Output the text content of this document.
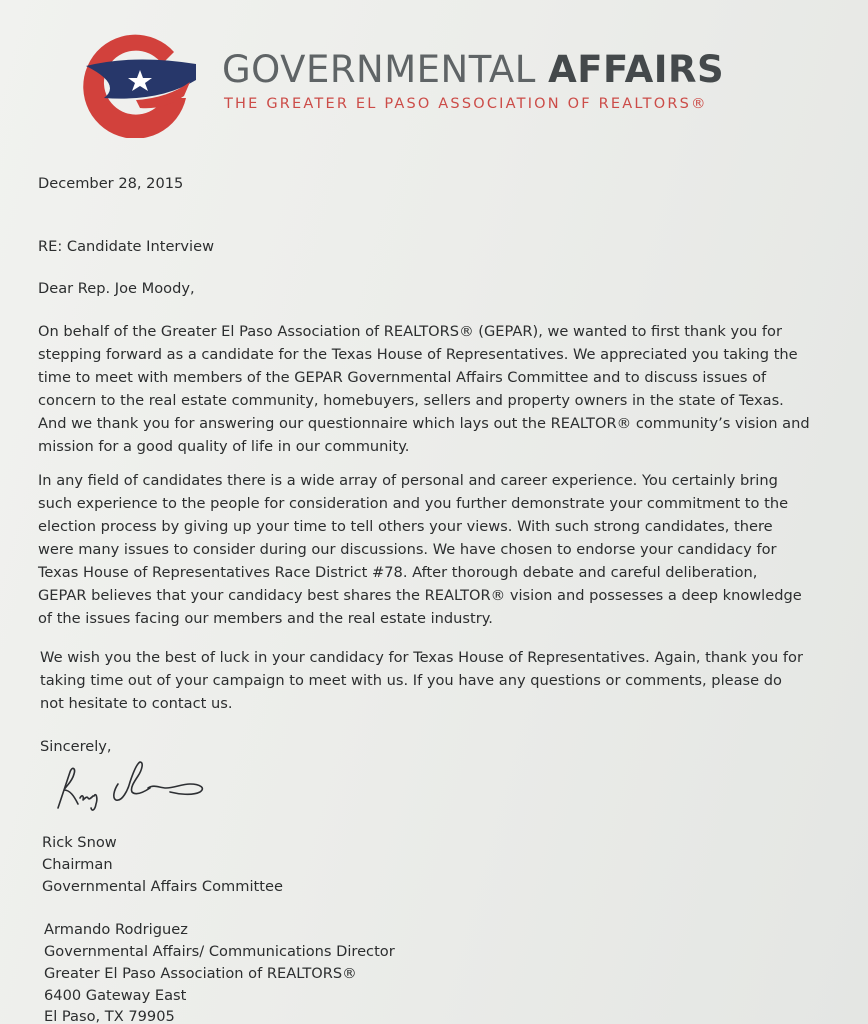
GOVERNMENTAL AFFAIRS
THE GREATER EL PASO ASSOCIATION OF REALTORS®
December 28, 2015
RE: Candidate Interview
Dear Rep. Joe Moody,
On behalf of the Greater El Paso Association of REALTORS® (GEPAR), we wanted to first thank you for
stepping forward as a candidate for the Texas House of Representatives. We appreciated you taking the
time to meet with members of the GEPAR Governmental Affairs Committee and to discuss issues of
concern to the real estate community, homebuyers, sellers and property owners in the state of Texas.
And we thank you for answering our questionnaire which lays out the REALTOR® community’s vision and
mission for a good quality of life in our community.
In any field of candidates there is a wide array of personal and career experience. You certainly bring
such experience to the people for consideration and you further demonstrate your commitment to the
election process by giving up your time to tell others your views. With such strong candidates, there
were many issues to consider during our discussions. We have chosen to endorse your candidacy for
Texas House of Representatives Race District #78. After thorough debate and careful deliberation,
GEPAR believes that your candidacy best shares the REALTOR® vision and possesses a deep knowledge
of the issues facing our members and the real estate industry.
We wish you the best of luck in your candidacy for Texas House of Representatives. Again, thank you for
taking time out of your campaign to meet with us. If you have any questions or comments, please do
not hesitate to contact us.
Sincerely,
Rick Snow
Chairman
Governmental Affairs Committee
Armando Rodriguez
Governmental Affairs/ Communications Director
Greater El Paso Association of REALTORS®
6400 Gateway East
El Paso, TX 79905
